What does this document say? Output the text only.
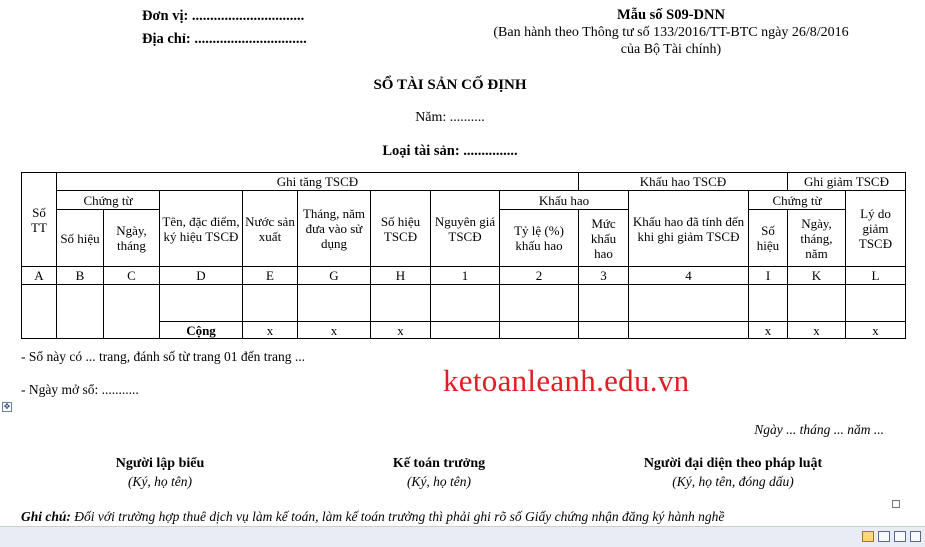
Đơn vị: ...............................
Địa chỉ: ...............................
Mẫu số S09-DNN
(Ban hành theo Thông tư số 133/2016/TT-BTC ngày 26/8/2016
của Bộ Tài chính)
SỔ TÀI SẢN CỐ ĐỊNH
Năm: ..........
Loại tài sản: ...............
Số TT	Ghi tăng TSCĐ								Khấu hao TSCĐ			Ghi giảm TSCĐ	
	Chứng từ		Tên, đặc điểm, ký hiệu TSCĐ	Nước sản xuất	Tháng, năm đưa vào sử dụng	Số hiệu TSCĐ	Nguyên giá TSCĐ	Khấu hao		Khấu hao đã tính đến khi ghi giảm TSCĐ	Chứng từ		Lý do giảm TSCĐ
	Số hiệu	Ngày, tháng						Tỷ lệ (%) khấu hao	Mức khấu hao		Số hiệu	Ngày, tháng, năm	
A	B	C	D	E	G	H	1	2	3	4	I	K	L

			Cộng	x	x	x					x	x	x
- Sổ này có ... trang, đánh số từ trang 01 đến trang ...
- Ngày mở sổ: ...........
✥
ketoanleanh.edu.vn
Ngày ... tháng ... năm ...
Người lập biểu
(Ký, họ tên)
Kế toán trưởng
(Ký, họ tên)
Người đại diện theo pháp luật
(Ký, họ tên, đóng dấu)
Ghi chú: Đối với trường hợp thuê dịch vụ làm kế toán, làm kế toán trưởng thì phải ghi rõ số Giấy chứng nhận đăng ký hành nghề
